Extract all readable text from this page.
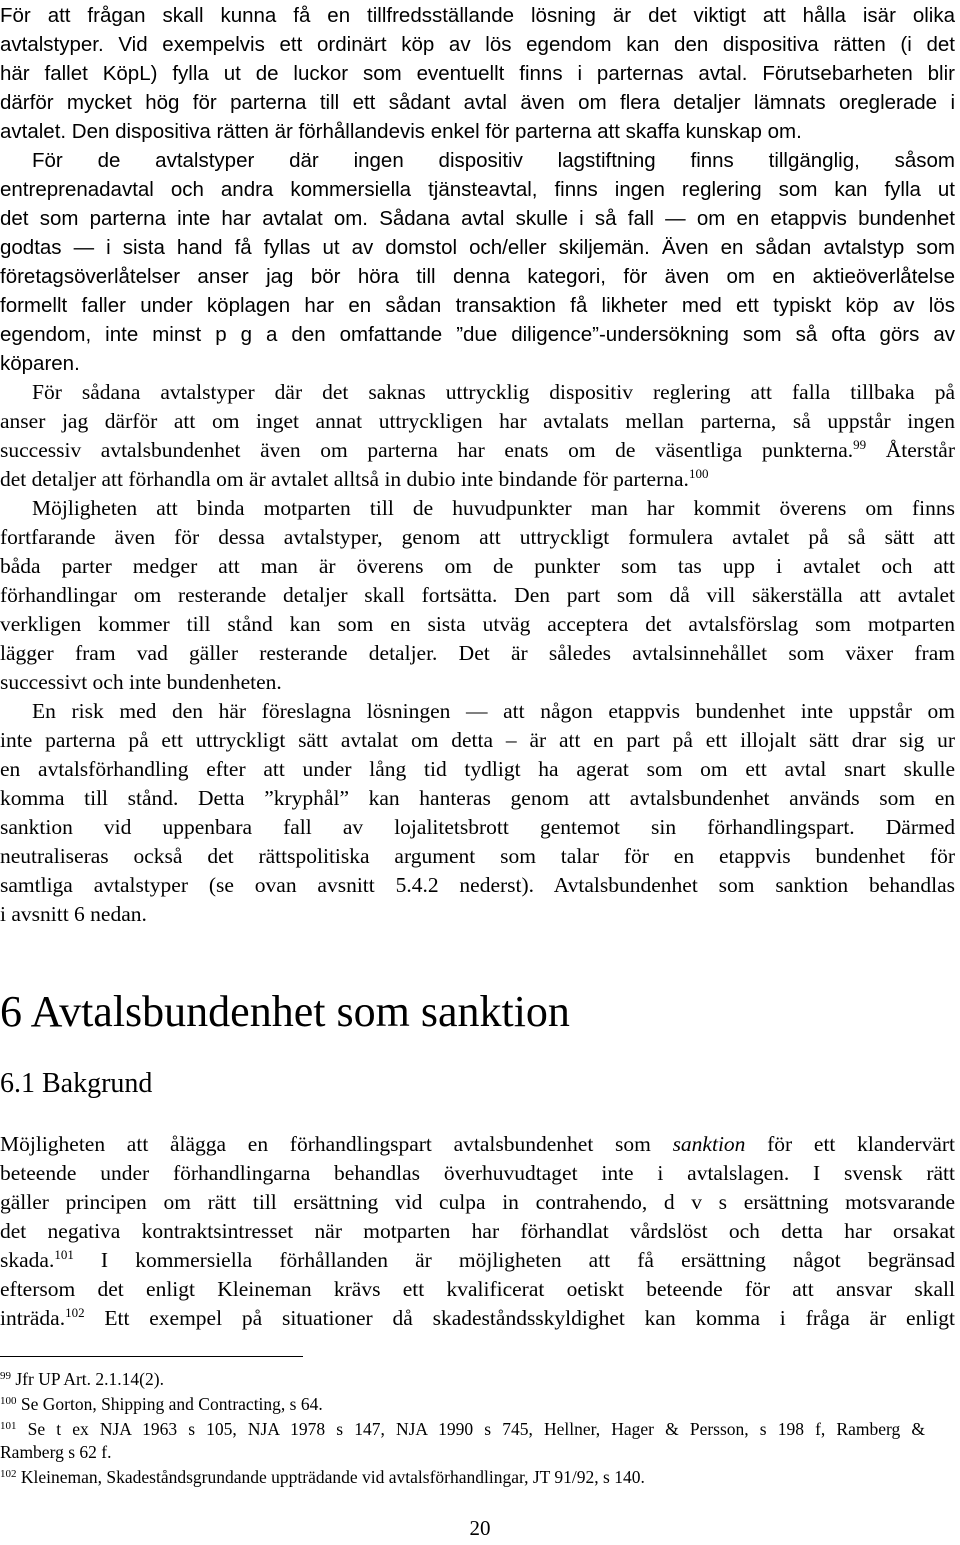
För att frågan skall kunna få en tillfredsställande lösning är det viktigt att hålla isär olika
avtalstyper. Vid exempelvis ett ordinärt köp av lös egendom kan den dispositiva rätten (i det
här fallet KöpL) fylla ut de luckor som eventuellt finns i parternas avtal. Förutsebarheten blir
därför mycket hög för parterna till ett sådant avtal även om flera detaljer lämnats oreglerade i
avtalet. Den dispositiva rätten är förhållandevis enkel för parterna att skaffa kunskap om.
För de avtalstyper där ingen dispositiv lagstiftning finns tillgänglig, såsom
entreprenadavtal och andra kommersiella tjänsteavtal, finns ingen reglering som kan fylla ut
det som parterna inte har avtalat om. Sådana avtal skulle i så fall — om en etappvis bundenhet
godtas — i sista hand få fyllas ut av domstol och/eller skiljemän. Även en sådan avtalstyp som
företagsöverlåtelser anser jag bör höra till denna kategori, för även om en aktieöverlåtelse
formellt faller under köplagen har en sådan transaktion få likheter med ett typiskt köp av lös
egendom, inte minst p g a den omfattande ”due diligence”-undersökning som så ofta görs av
köparen.
För sådana avtalstyper där det saknas uttrycklig dispositiv reglering att falla tillbaka på
anser jag därför att om inget annat uttryckligen har avtalats mellan parterna, så uppstår ingen
successiv avtalsbundenhet även om parterna har enats om de väsentliga punkterna.$^{99}$ Återstår
det detaljer att förhandla om är avtalet alltså in dubio inte bindande för parterna.$^{100}$
Möjligheten att binda motparten till de huvudpunkter man har kommit överens om finns
fortfarande även för dessa avtalstyper, genom att uttryckligt formulera avtalet på så sätt att
båda parter medger att man är överens om de punkter som tas upp i avtalet och att
förhandlingar om resterande detaljer skall fortsätta. Den part som då vill säkerställa att avtalet
verkligen kommer till stånd kan som en sista utväg acceptera det avtalsförslag som motparten
lägger fram vad gäller resterande detaljer. Det är således avtalsinnehållet som växer fram
successivt och inte bundenheten.
En risk med den här föreslagna lösningen — att någon etappvis bundenhet inte uppstår om
inte parterna på ett uttryckligt sätt avtalat om detta – är att en part på ett illojalt sätt drar sig ur
en avtalsförhandling efter att under lång tid tydligt ha agerat som om ett avtal snart skulle
komma till stånd. Detta ”kryphål” kan hanteras genom att avtalsbundenhet används som en
sanktion vid uppenbara fall av lojalitetsbrott gentemot sin förhandlingspart. Därmed
neutraliseras också det rättspolitiska argument som talar för en etappvis bundenhet för
samtliga avtalstyper (se ovan avsnitt 5.4.2 nederst). Avtalsbundenhet som sanktion behandlas
i avsnitt 6 nedan.
6 Avtalsbundenhet som sanktion
6.1 Bakgrund
Möjligheten att ålägga en förhandlingspart avtalsbundenhet som sanktion för ett klandervärt
beteende under förhandlingarna behandlas överhuvudtaget inte i avtalslagen. I svensk rätt
gäller principen om rätt till ersättning vid culpa in contrahendo, d v s ersättning motsvarande
det negativa kontraktsintresset när motparten har förhandlat vårdslöst och detta har orsakat
skada.$^{101}$ I kommersiella förhållanden är möjligheten att få ersättning något begränsad
eftersom det enligt Kleineman krävs ett kvalificerat oetiskt beteende för att ansvar skall
inträda.$^{102}$ Ett exempel på situationer då skadeståndsskyldighet kan komma i fråga är enligt
$^{99}$ Jfr UP Art. 2.1.14(2).
$^{100}$ Se Gorton, Shipping and Contracting, s 64.
$^{101}$ Se t ex NJA 1963 s 105, NJA 1978 s 147, NJA 1990 s 745, Hellner, Hager & Persson, s 198 f, Ramberg &
Ramberg s 62 f.
$^{102}$ Kleineman, Skadeståndsgrundande uppträdande vid avtalsförhandlingar, JT 91/92, s 140.
20
